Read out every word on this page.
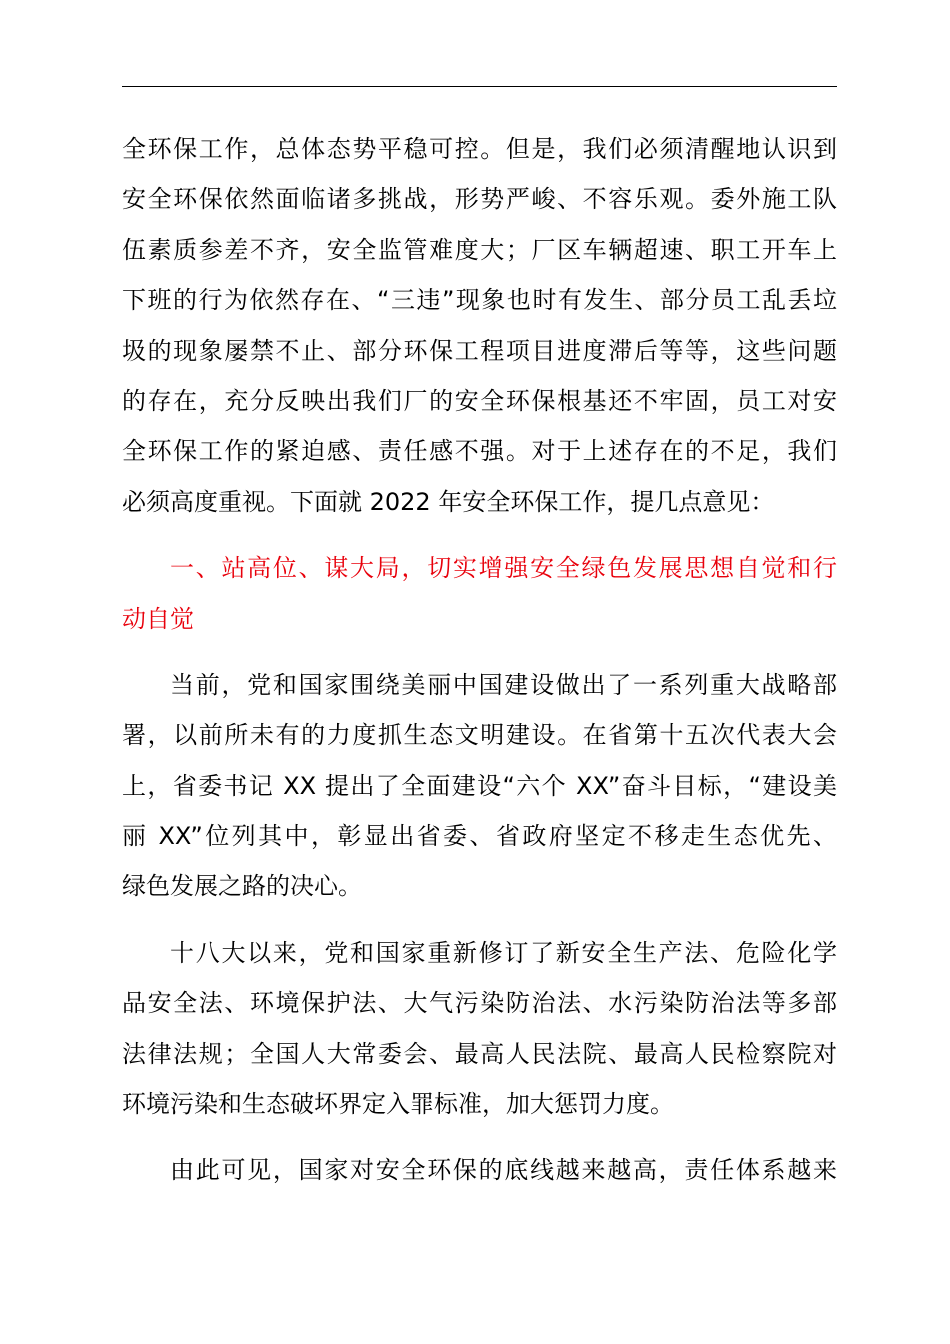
全环保工作，总体态势平稳可控。但是，我们必须清醒地认识到
安全环保依然面临诸多挑战，形势严峻、不容乐观。委外施工队
伍素质参差不齐，安全监管难度大；厂区车辆超速、职工开车上
下班的行为依然存在、“三违”现象也时有发生、部分员工乱丢垃
圾的现象屡禁不止、部分环保工程项目进度滞后等等，这些问题
的存在，充分反映出我们厂的安全环保根基还不牢固，员工对安
全环保工作的紧迫感、责任感不强。对于上述存在的不足，我们
必须高度重视。下面就 2022 年安全环保工作，提几点意见：
一、站高位、谋大局，切实增强安全绿色发展思想自觉和行
动自觉
当前，党和国家围绕美丽中国建设做出了一系列重大战略部
署，以前所未有的力度抓生态文明建设。在省第十五次代表大会
上，省委书记 XX 提出了全面建设“六个 XX”奋斗目标，“建设美
丽 XX”位列其中，彰显出省委、省政府坚定不移走生态优先、
绿色发展之路的决心。
十八大以来，党和国家重新修订了新安全生产法、危险化学
品安全法、环境保护法、大气污染防治法、水污染防治法等多部
法律法规；全国人大常委会、最高人民法院、最高人民检察院对
环境污染和生态破坏界定入罪标准，加大惩罚力度。
由此可见，国家对安全环保的底线越来越高，责任体系越来
